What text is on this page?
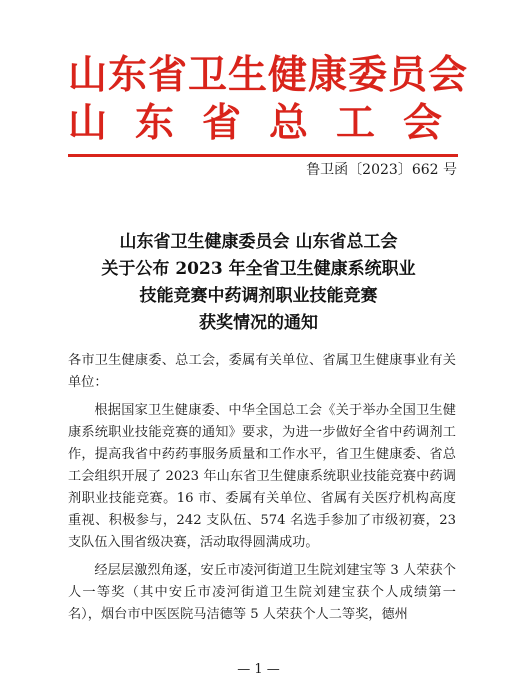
山东省卫生健康委员会
山东省总工会
鲁卫函〔2023〕662 号
山东省卫生健康委员会 山东省总工会
关于公布 2023 年全省卫生健康系统职业
技能竞赛中药调剂职业技能竞赛
获奖情况的通知

各市卫生健康委、总工会，委属有关单位、省属卫生健康事业有关单位：

根据国家卫生健康委、中华全国总工会《关于举办全国卫生健康系统职业技能竞赛的通知》要求，为进一步做好全省中药调剂工作，提高我省中药药事服务质量和工作水平，省卫生健康委、省总工会组织开展了 2023 年山东省卫生健康系统职业技能竞赛中药调剂职业技能竞赛。16 市、委属有关单位、省属有关医疗机构高度重视、积极参与，242 支队伍、574 名选手参加了市级初赛，23 支队伍入围省级决赛，活动取得圆满成功。

经层层激烈角逐，安丘市凌河街道卫生院刘建宝等 3 人荣获个人一等奖（其中安丘市凌河街道卫生院刘建宝获个人成绩第一名），烟台市中医医院马洁德等 5 人荣获个人二等奖，德州

— 1 —
